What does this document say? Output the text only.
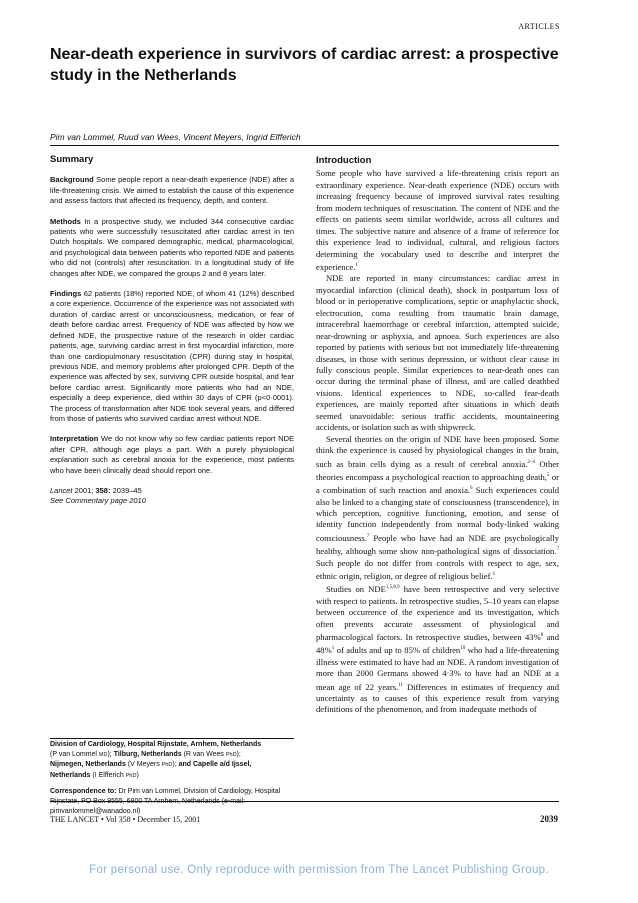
ARTICLES
Near-death experience in survivors of cardiac arrest: a prospective study in the Netherlands
Pim van Lommel, Ruud van Wees, Vincent Meyers, Ingrid Elfferich
Summary

Background Some people report a near-death experience (NDE) after a life-threatening crisis. We aimed to establish the cause of this experience and assess factors that affected its frequency, depth, and content.

Methods In a prospective study, we included 344 consecutive cardiac patients who were successfully resuscitated after cardiac arrest in ten Dutch hospitals. We compared demographic, medical, pharmacological, and psychological data between patients who reported NDE and patients who did not (controls) after resuscitation. In a longitudinal study of life changes after NDE, we compared the groups 2 and 8 years later.

Findings 62 patients (18%) reported NDE, of whom 41 (12%) described a core experience. Occurrence of the experience was not associated with duration of cardiac arrest or unconsciousness, medication, or fear of death before cardiac arrest. Frequency of NDE was affected by how we defined NDE, the prospective nature of the research in older cardiac patients, age, surviving cardiac arrest in first myocardial infarction, more than one cardiopulmonary resuscitation (CPR) during stay in hospital, previous NDE, and memory problems after prolonged CPR. Depth of the experience was affected by sex, surviving CPR outside hospital, and fear before cardiac arrest. Significantly more patients who had an NDE, especially a deep experience, died within 30 days of CPR (p<0·0001). The process of transformation after NDE took several years, and differed from those of patients who survived cardiac arrest without NDE.

Interpretation We do not know why so few cardiac patients report NDE after CPR, although age plays a part. With a purely physiological explanation such as cerebral anoxia for the experience, most patients who have been clinically dead should report one.

Lancet 2001; 358: 2039–45
See Commentary page 2010

Division of Cardiology, Hospital Rijnstate, Arnhem, Netherlands
(P van Lommel MD); Tilburg, Netherlands (R van Wees PhD);
Nijmegen, Netherlands (V Meyers PhD); and Capelle a/d Ijssel,
Netherlands (I Elfferich PhD)

Correspondence to: Dr Pim van Lommel, Division of Cardiology, Hospital pimvanlommel@wanadoo.nl)

Introduction

Some people who have survived a life-threatening crisis report an extraordinary experience. Near-death experience (NDE) occurs with increasing frequency because of improved survival rates resulting from modern techniques of resuscitation. The content of NDE and the effects on patients seem similar worldwide, across all cultures and times. The subjective nature and absence of a frame of reference for this experience lead to individual, cultural, and religious factors determining the vocabulary used to describe and interpret the experience.$^1$

NDE are reported in many circumstances: cardiac arrest in myocardial infarction (clinical death), shock in postpartum loss of blood or in perioperative complications, septic or anaphylactic shock, electrocution, coma resulting from traumatic brain damage, intracerebral haemorrhage or cerebral infarction, attempted suicide, near-drowning or asphyxia, and apnoea. Such experiences are also reported by patients with serious but not immediately life-threatening diseases, in those with serious depression, or without clear cause in fully conscious people. Similar experiences to near-death ones can occur during the terminal phase of illness, and are called deathbed visions. Identical experiences to NDE, so-called fear-death experiences, are mainly reported after situations in which death seemed unavoidable: serious traffic accidents, mountaineering accidents, or isolation such as with shipwreck.

Several theories on the origin of NDE have been proposed. Some think the experience is caused by physiological changes in the brain, such as brain cells dying as a result of cerebral anoxia.$^{2-4}$ Other theories encompass a psychological reaction to approaching death,$^5$ or a combination of such reaction and anoxia.$^6$ Such experiences could also be linked to a changing state of consciousness (transcendence), in which perception, cognitive functioning, emotion, and sense of identity function independently from normal body-linked waking consciousness.$^7$ People who have had an NDE are psychologically healthy, although some show non-pathological signs of dissociation.$^7$ Such people do not differ from controls with respect to age, sex, ethnic origin, religion, or degree of religious belief.$^1$

Studies on NDE$^{1,5,8,9}$ have been retrospective and very selective with respect to patients. In retrospective studies, 5–10 years can elapse between occurrence of the experience and its investigation, which often prevents accurate assessment of physiological and pharmacological factors. In retrospective studies, between 43%$^8$ and 48%$^1$ of adults and up to 85% of children$^{10}$ who had a life-threatening illness were estimated to have had an NDE. A random investigation of more than 2000 Germans showed 4·3% to have had an NDE at a mean age of 22 years.$^{11}$ Differences in estimates of frequency and uncertainty as to causes of this experience result from varying definitions of the phenomenon, and from inadequate methods of

THE LANCET • Vol 358 • December 15, 2001	2039
For personal use. Only reproduce with permission from The Lancet Publishing Group.
